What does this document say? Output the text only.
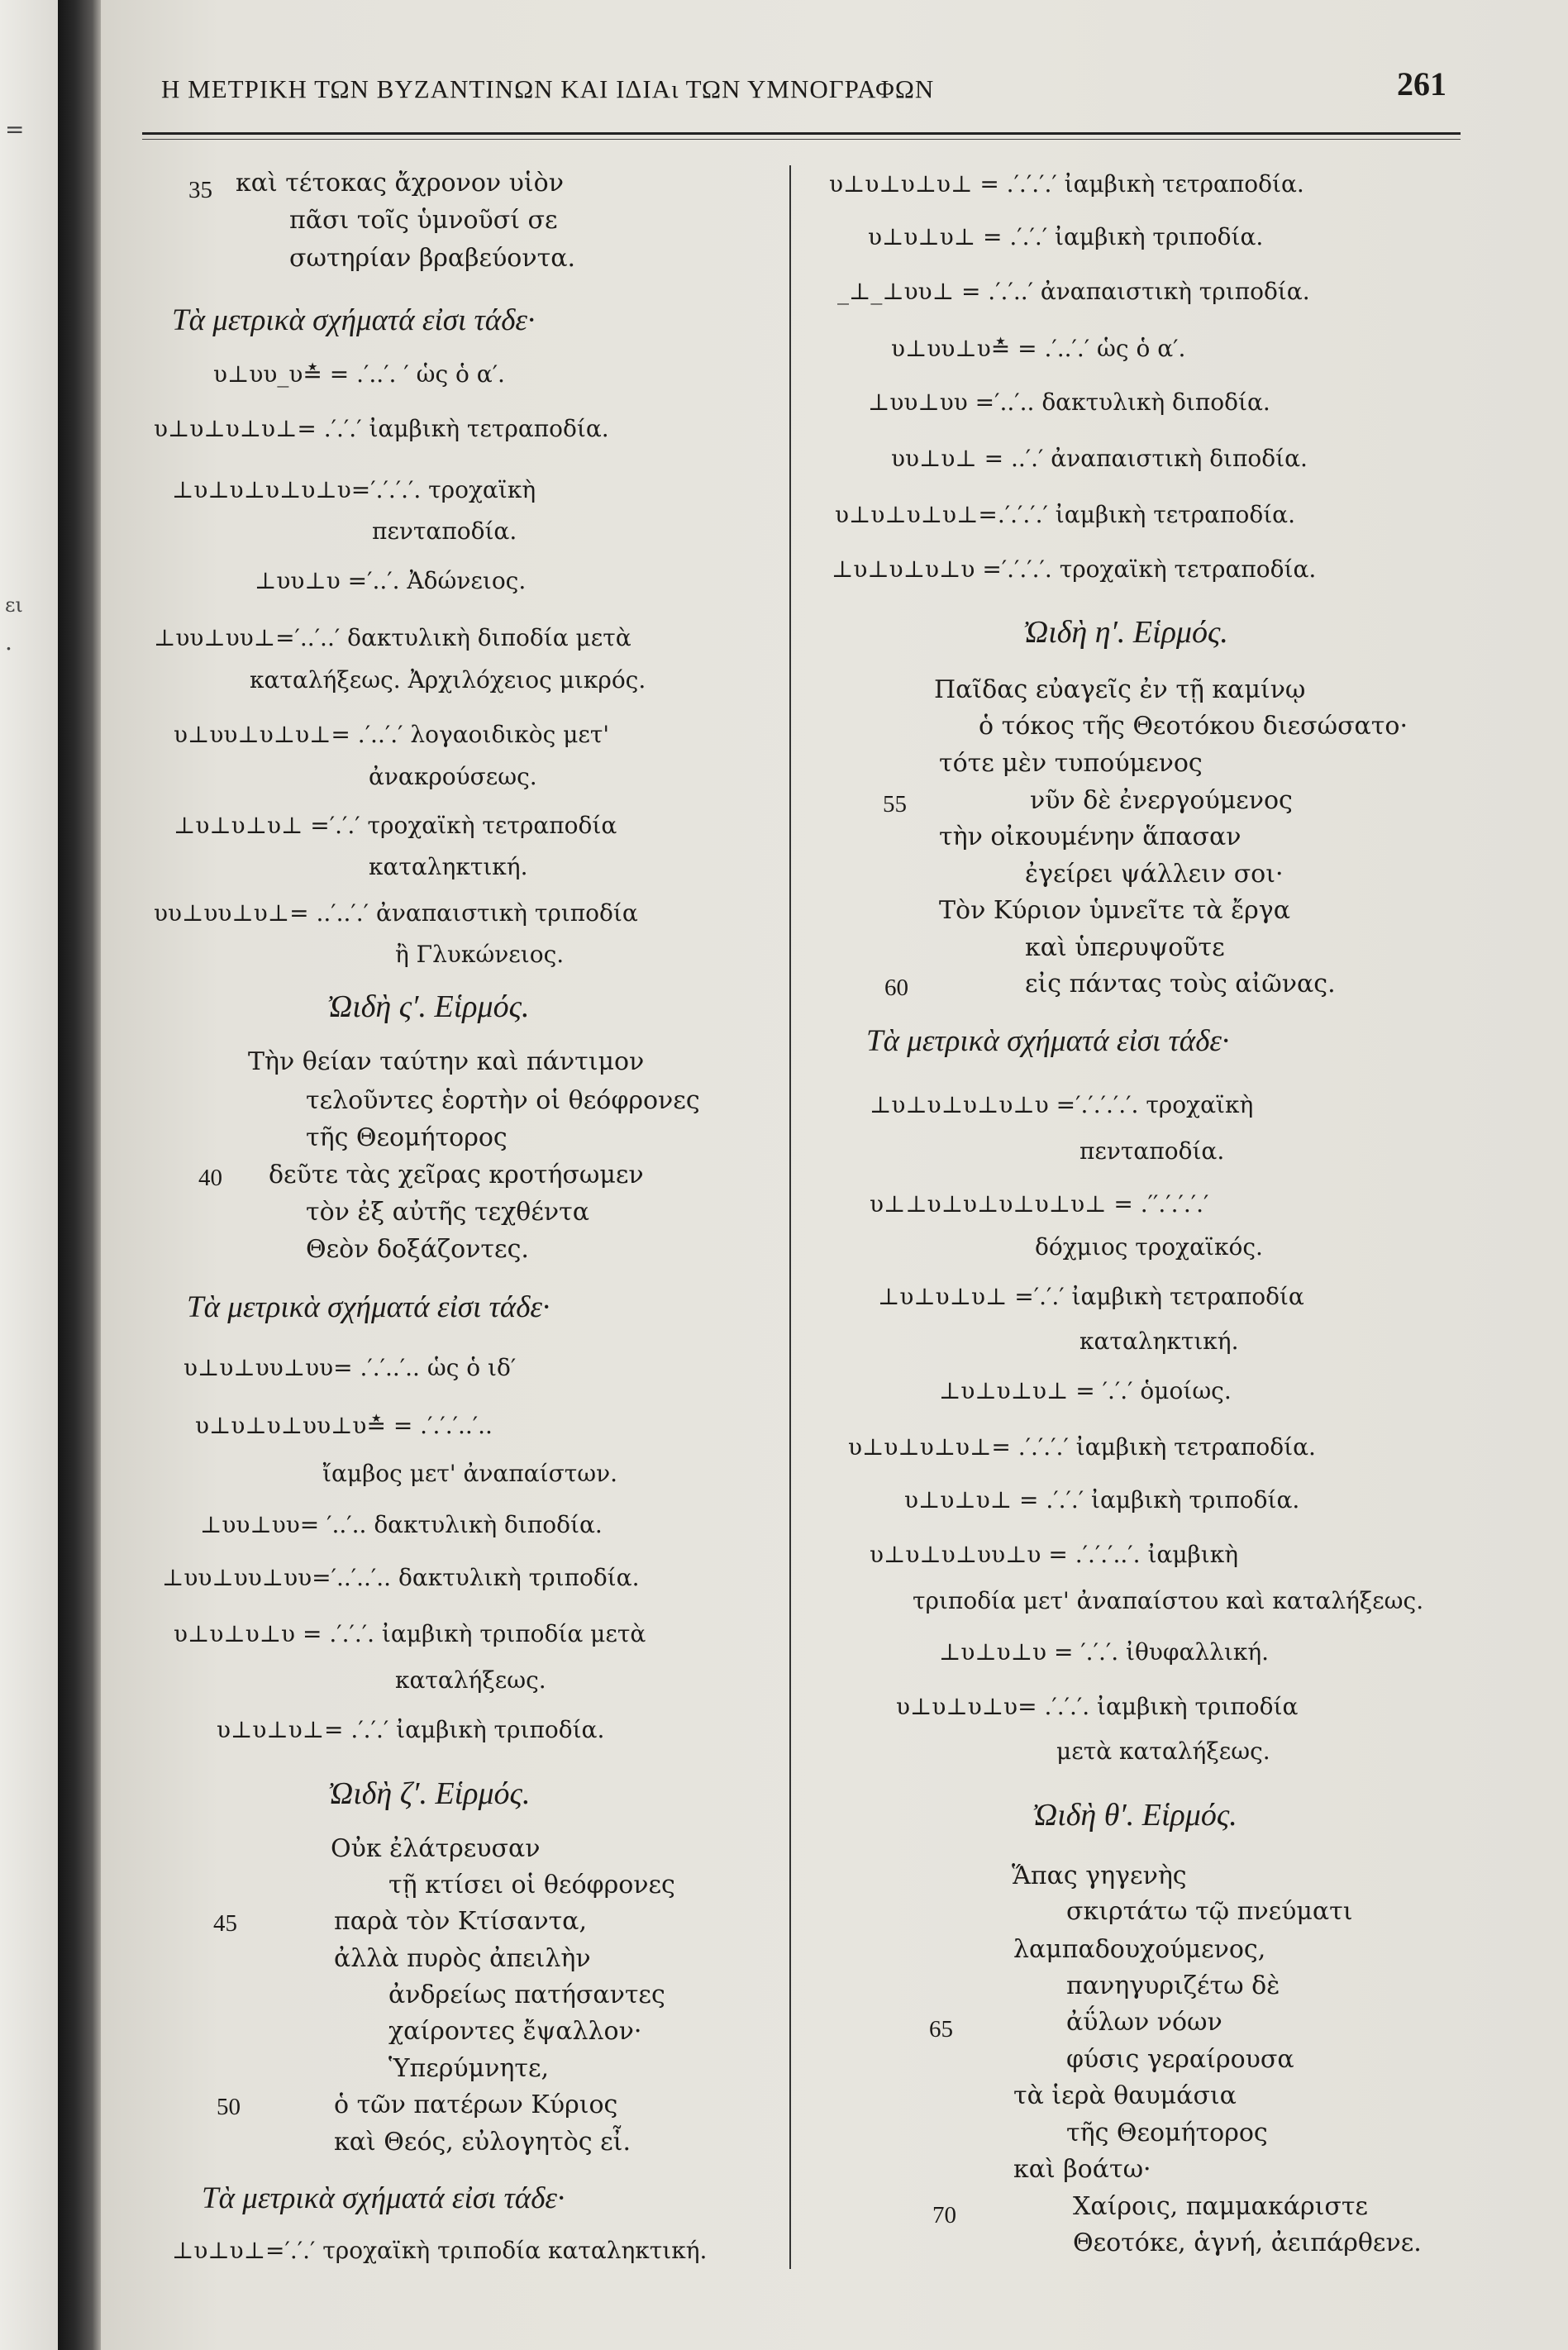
=
ει
.
Η ΜΕΤΡΙΚΗ ΤΩΝ ΒΥΖΑΝΤΙΝΩΝ ΚΑΙ ΙΔΙΑι ΤΩΝ ΥΜΝΟΓΡΑΦΩΝ	261
καὶ τέτοκας ἄχρονον υἱὸν
35
πᾶσι τοῖς ὑμνοῦσί σε
σωτηρίαν βραβεύοντα.
Τὰ μετρικὰ σχήματά εἰσι τάδε·
υ⊥υυ_υ≛ = .′..′. ′ ὡς ὁ α′.
υ⊥υ⊥υ⊥υ⊥= .′.′.′ ἰαμβικὴ τετραποδία.
⊥υ⊥υ⊥υ⊥υ⊥υ=′.′.′.′. τροχαϊκὴ
πενταποδία.
⊥υυ⊥υ =′..′. Ἀδώνειος.
⊥υυ⊥υυ⊥=′..′..′ δακτυλικὴ διποδία μετὰ
καταλήξεως. Ἀρχιλόχειος μικρός.
υ⊥υυ⊥υ⊥υ⊥= .′..′.′ λογαοιδικὸς μετ'
ἀνακρούσεως.
⊥υ⊥υ⊥υ⊥ =′.′.′ τροχαϊκὴ τετραποδία
καταληκτική.
υυ⊥υυ⊥υ⊥= ..′..′.′ ἀναπαιστικὴ τριποδία
ἢ Γλυκώνειος.
Ὠιδὴ ς′. Εἱρμός.
Τὴν θείαν ταύτην καὶ πάντιμον
τελοῦντες ἑορτὴν οἱ θεόφρονες
τῆς Θεομήτορος
40 δεῦτε τὰς χεῖρας κροτήσωμεν
τὸν ἐξ αὐτῆς τεχθέντα
Θεὸν δοξάζοντες.
Τὰ μετρικὰ σχήματά εἰσι τάδε·
υ⊥υ⊥υυ⊥υυ= .′.′..′.. ὡς ὁ ιδ′
υ⊥υ⊥υ⊥υυ⊥υ≛ = .′.′.′..′..
ἴαμβος μετ' ἀναπαίστων.
⊥υυ⊥υυ= ′..′.. δακτυλικὴ διποδία.
⊥υυ⊥υυ⊥υυ=′..′..′.. δακτυλικὴ τριποδία.
υ⊥υ⊥υ⊥υ = .′.′.′. ἰαμβικὴ τριποδία μετὰ
καταλήξεως.
υ⊥υ⊥υ⊥= .′.′.′ ἰαμβικὴ τριποδία.
Ὠιδὴ ζ′. Εἱρμός.
Οὐκ ἐλάτρευσαν
τῇ κτίσει οἱ θεόφρονες
45	παρὰ τὸν Κτίσαντα,
ἀλλὰ πυρὸς ἀπειλὴν
ἀνδρείως πατήσαντες
χαίροντες ἔψαλλον·
Ὑπερύμνητε,
50	ὁ τῶν πατέρων Κύριος
καὶ Θεός, εὐλογητὸς εἶ.
Τὰ μετρικὰ σχήματά εἰσι τάδε·
⊥υ⊥υ⊥=′.′.′ τροχαϊκὴ τριποδία καταληκτική.
υ⊥υ⊥υ⊥υ⊥ = .′.′.′.′ ἰαμβικὴ τετραποδία.
υ⊥υ⊥υ⊥ = .′.′.′ ἰαμβικὴ τριποδία.
_⊥_⊥υυ⊥ = .′.′..′ ἀναπαιστικὴ τριποδία.
υ⊥υυ⊥υ≛ = .′..′.′ ὡς ὁ α′.
⊥υυ⊥υυ =′..′.. δακτυλικὴ διποδία.
υυ⊥υ⊥ = ..′.′ ἀναπαιστικὴ διποδία.
υ⊥υ⊥υ⊥υ⊥=.′.′.′.′ ἰαμβικὴ τετραποδία.
⊥υ⊥υ⊥υ⊥υ =′.′.′.′. τροχαϊκὴ τετραποδία.
Ὠιδὴ η′. Εἱρμός.
Παῖδας εὐαγεῖς ἐν τῇ καμίνῳ
ὁ τόκος τῆς Θεοτόκου διεσώσατο·
τότε μὲν τυπούμενος
55	νῦν δὲ ἐνεργούμενος
τὴν οἰκουμένην ἅπασαν
ἐγείρει ψάλλειν σοι·
Τὸν Κύριον ὑμνεῖτε τὰ ἔργα
καὶ ὑπερυψοῦτε
60	εἰς πάντας τοὺς αἰῶνας.
Τὰ μετρικὰ σχήματά εἰσι τάδε·
⊥υ⊥υ⊥υ⊥υ⊥υ =′.′.′.′.′. τροχαϊκὴ
πενταποδία.
υ⊥⊥υ⊥υ⊥υ⊥υ⊥υ⊥ = .′′.′.′.′.′
δόχμιος τροχαϊκός.
⊥υ⊥υ⊥υ⊥ =′.′.′ ἰαμβικὴ τετραποδία
καταληκτική.
⊥υ⊥υ⊥υ⊥ = ′.′.′ ὁμοίως.
υ⊥υ⊥υ⊥υ⊥= .′.′.′.′ ἰαμβικὴ τετραποδία.
υ⊥υ⊥υ⊥ = .′.′.′ ἰαμβικὴ τριποδία.
υ⊥υ⊥υ⊥υυ⊥υ = .′.′.′..′. ἰαμβικὴ
τριποδία μετ' ἀναπαίστου καὶ καταλήξεως.
⊥υ⊥υ⊥υ = ′.′.′. ἰθυφαλλική.
υ⊥υ⊥υ⊥υ= .′.′.′. ἰαμβικὴ τριποδία
μετὰ καταλήξεως.
Ὠιδὴ θ′. Εἱρμός.
Ἅπας γηγενὴς
σκιρτάτω τῷ πνεύματι
λαμπαδουχούμενος,
πανηγυριζέτω δὲ
65	ἀΰλων νόων
φύσις γεραίρουσα
τὰ ἱερὰ θαυμάσια
τῆς Θεομήτορος
καὶ βοάτω·
70	Χαίροις, παμμακάριστε
Θεοτόκε, ἁγνή, ἀειπάρθενε.
